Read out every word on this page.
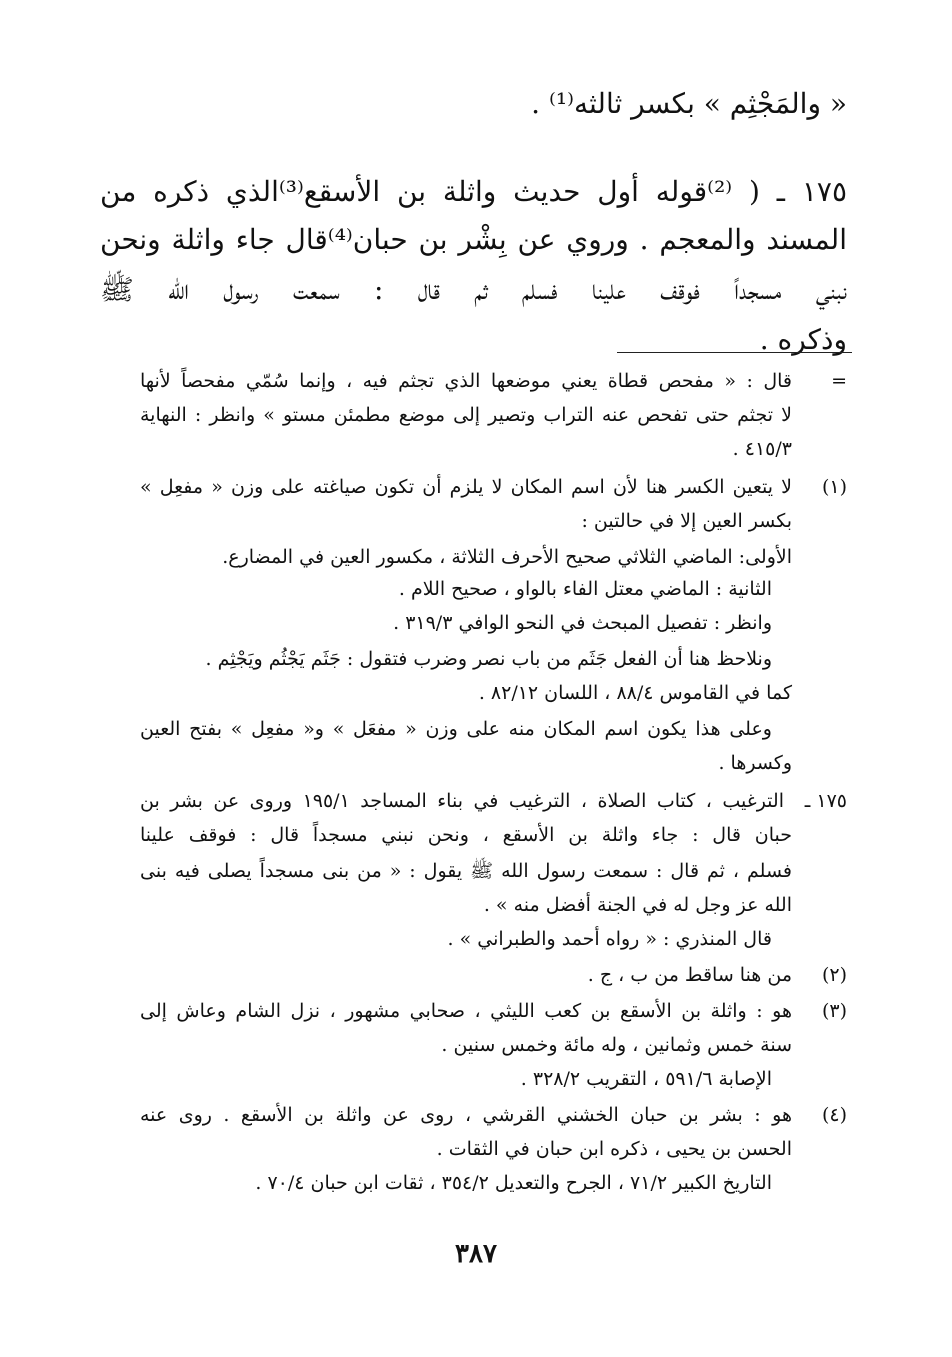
« والمَجْثِم » بكسر ثالثه⁽¹⁾ .
١٧٥ ـ ( ⁽²⁾قوله أول حديث واثلة بن الأسقع⁽³⁾الذي ذكره من
المسند والمعجم . وروي عن بِشْر بن حبان⁽⁴⁾قال جاء واثلة ونحن
نبني مسجداً فوقف علينا فسلم ثم قال : سمعت رسول الله ﷺ
وذكره .
=
قال : « مفحص قطاة يعني موضعها الذي تجثم فيه ، وإنما سُمّي مفحصاً لأنها
لا تجثم حتى تفحص عنه التراب وتصير إلى موضع مطمئن مستو » وانظر : النهاية
٤١٥/٣ .
(١)
لا يتعين الكسر هنا لأن اسم المكان لا يلزم أن تكون صياغته على وزن « مفعِل »
بكسر العين إلا في حالتين :
الأولى: الماضي الثلاثي صحيح الأحرف الثلاثة ، مكسور العين في المضارع.
الثانية : الماضي معتل الفاء بالواو ، صحيح اللام .
وانظر : تفصيل المبحث في النحو الوافي ٣١٩/٣ .
ونلاحظ هنا أن الفعل جَثَم من باب نصر وضرب فتقول : جَثَم يَجْثُم ويَجْثِم .
كما في القاموس ٨٨/٤ ، اللسان ٨٢/١٢ .
وعلى هذا يكون اسم المكان منه على وزن « مفعَل » و« مفعِل » بفتح العين
وكسرها .
١٧٥ ـ
الترغيب ، كتاب الصلاة ، الترغيب في بناء المساجد ١٩٥/١ وروى عن بشر بن
حبان قال : جاء واثلة بن الأسقع ، ونحن نبني مسجداً قال : فوقف علينا
فسلم ، ثم قال : سمعت رسول الله ﷺ يقول : « من بنى مسجداً يصلى فيه بنى
الله عز وجل له في الجنة أفضل منه » .
قال المنذري : « رواه أحمد والطبراني » .
(٢)
من هنا ساقط من ب ، ج .
(٣)
هو : واثلة بن الأسقع بن كعب الليثي ، صحابي مشهور ، نزل الشام وعاش إلى
سنة خمس وثمانين ، وله مائة وخمس سنين .
الإصابة ٥٩١/٦ ، التقريب ٣٢٨/٢ .
(٤)
هو : بشر بن حبان الخشني القرشي ، روى عن واثلة بن الأسقع . روى عنه
الحسن بن يحيى ، ذكره ابن حبان في الثقات .
التاريخ الكبير ٧١/٢ ، الجرح والتعديل ٣٥٤/٢ ، ثقات ابن حبان ٧٠/٤ .
٣٨٧
